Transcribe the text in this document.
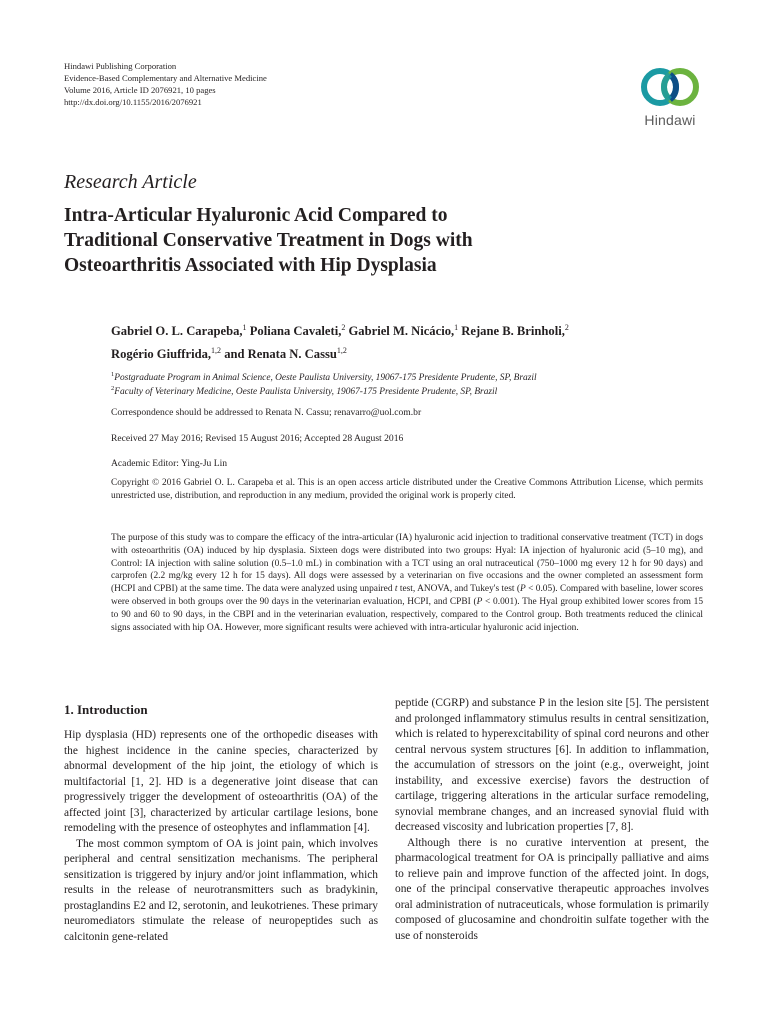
Hindawi Publishing Corporation
Evidence-Based Complementary and Alternative Medicine
Volume 2016, Article ID 2076921, 10 pages
http://dx.doi.org/10.1155/2016/2076921
Hindawi
Research Article
Intra-Articular Hyaluronic Acid Compared to
Traditional Conservative Treatment in Dogs with
Osteoarthritis Associated with Hip Dysplasia
Gabriel O. L. Carapeba,$^1$ Poliana Cavaleti,$^2$ Gabriel M. Nicácio,$^1$ Rejane B. Brinholi,$^2$
Rogério Giuffrida,$^{1,2}$ and Renata N. Cassu$^{1,2}$
$^1$Postgraduate Program in Animal Science, Oeste Paulista University, 19067-175 Presidente Prudente, SP, Brazil
$^2$Faculty of Veterinary Medicine, Oeste Paulista University, 19067-175 Presidente Prudente, SP, Brazil
Correspondence should be addressed to Renata N. Cassu; renavarro@uol.com.br
Received 27 May 2016; Revised 15 August 2016; Accepted 28 August 2016
Academic Editor: Ying-Ju Lin
Copyright © 2016 Gabriel O. L. Carapeba et al. This is an open access article distributed under the Creative Commons Attribution License, which permits unrestricted use, distribution, and reproduction in any medium, provided the original work is properly cited.
The purpose of this study was to compare the efficacy of the intra-articular (IA) hyaluronic acid injection to traditional conservative treatment (TCT) in dogs with osteoarthritis (OA) induced by hip dysplasia. Sixteen dogs were distributed into two groups: Hyal: IA injection of hyaluronic acid (5–10 mg), and Control: IA injection with saline solution (0.5–1.0 mL) in combination with a TCT using an oral nutraceutical (750–1000 mg every 12 h for 90 days) and carprofen (2.2 mg/kg every 12 h for 15 days). All dogs were assessed by a veterinarian on five occasions and the owner completed an assessment form (HCPI and CPBI) at the same time. The data were analyzed using unpaired t test, ANOVA, and Tukey's test (P < 0.05). Compared with baseline, lower scores were observed in both groups over the 90 days in the veterinarian evaluation, HCPI, and CPBI (P < 0.001). The Hyal group exhibited lower scores from 15 to 90 and 60 to 90 days, in the CBPI and in the veterinarian evaluation, respectively, compared to the Control group. Both treatments reduced the clinical signs associated with hip OA. However, more significant results were achieved with intra-articular hyaluronic acid injection.
1. Introduction

Hip dysplasia (HD) represents one of the orthopedic diseases with the highest incidence in the canine species, characterized by abnormal development of the hip joint, the etiology of which is multifactorial [1, 2]. HD is a degenerative joint disease that can progressively trigger the development of osteoarthritis (OA) of the affected joint [3], characterized by articular cartilage lesions, bone remodeling with the presence of osteophytes and inflammation [4].

The most common symptom of OA is joint pain, which involves peripheral and central sensitization mechanisms. The peripheral sensitization is triggered by injury and/or joint inflammation, which results in the release of neurotransmitters such as bradykinin, prostaglandins E2 and I2, serotonin, and leukotrienes. These primary neuromediators stimulate the release of neuropeptides such as calcitonin gene-related

peptide (CGRP) and substance P in the lesion site [5]. The persistent and prolonged inflammatory stimulus results in central sensitization, which is related to hyperexcitability of spinal cord neurons and other central nervous system structures [6]. In addition to inflammation, the accumulation of stressors on the joint (e.g., overweight, joint instability, and excessive exercise) favors the destruction of cartilage, triggering alterations in the articular surface remodeling, synovial membrane changes, and an increased synovial fluid with decreased viscosity and lubrication properties [7, 8].

Although there is no curative intervention at present, the pharmacological treatment for OA is principally palliative and aims to relieve pain and improve function of the affected joint. In dogs, one of the principal conservative therapeutic approaches involves oral administration of nutraceuticals, whose formulation is primarily composed of glucosamine and chondroitin sulfate together with the use of nonsteroids
